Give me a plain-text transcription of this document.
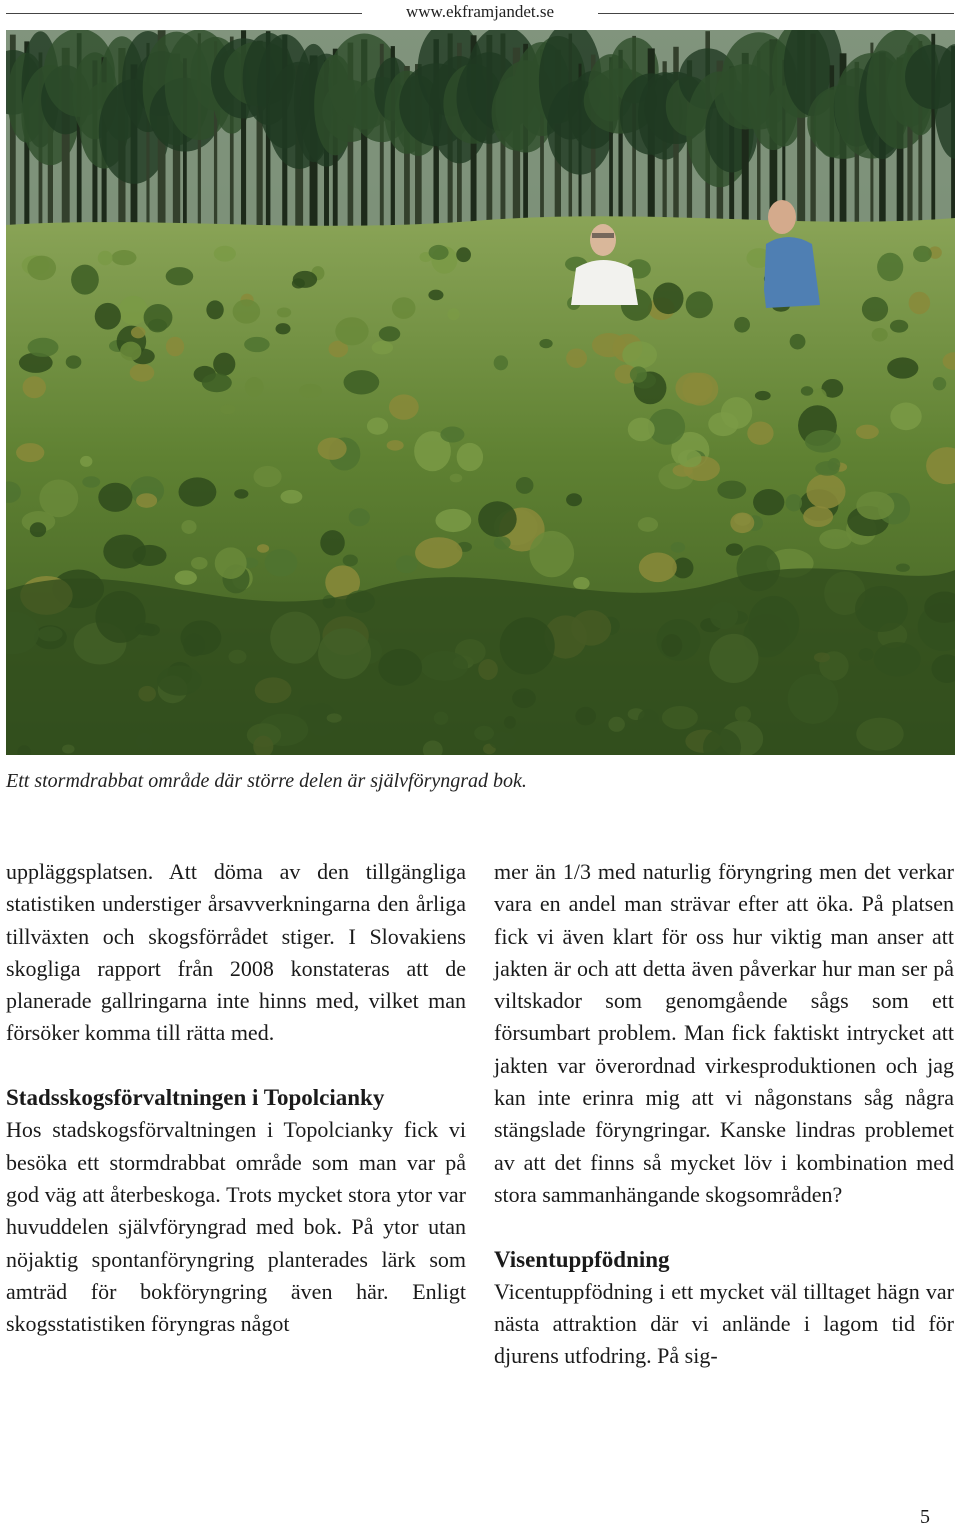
www.ekframjandet.se
Ett stormdrabbat område där större delen är självföryngrad bok.

uppläggsplatsen. Att döma av den tillgängliga statistiken understiger årsavverkningarna den årliga tillväxten och skogsförrådet stiger. I Slovakiens skogliga rapport från 2008 konstateras att de planerade gallringarna inte hinns med, vilket man försöker komma till rätta med.

Stadsskogsförvaltningen i Topolcianky

Hos stadskogsförvaltningen i Topolcianky fick vi besöka ett stormdrabbat område som man var på god väg att återbeskoga. Trots mycket stora ytor var huvuddelen självföryngrad med bok. På ytor utan nöjaktig spontanföryngring planterades lärk som amträd för bokföryngring även här. Enligt skogsstatistiken föryngras något

mer än 1/3 med naturlig föryngring men det verkar vara en andel man strävar efter att öka. På platsen fick vi även klart för oss hur viktig man anser att jakten är och att detta även påverkar hur man ser på viltskador som genomgående sågs som ett försumbart problem. Man fick faktiskt intrycket att jakten var överordnad virkesproduktionen och jag kan inte erinra mig att vi någonstans såg några stängslade föryngringar. Kanske lindras problemet av att det finns så mycket löv i kombination med stora sammanhängande skogsområden?

Visentuppfödning

Vicentuppfödning i ett mycket väl tilltaget hägn var nästa attraktion där vi anlände i lagom tid för djurens utfodring. På sig-

5
